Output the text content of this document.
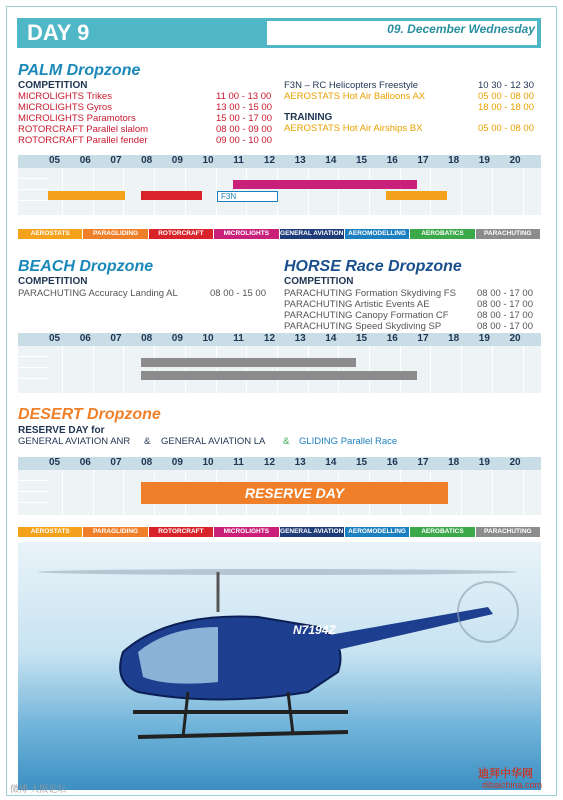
DAY 9	09. December Wednesday
PALM Dropzone
COMPETITION
MICROLIGHTS Trikes	11 00 - 13 00
MICROLIGHTS Gyros	13 00 - 15 00
MICROLIGHTS Paramotors	15 00 - 17 00
ROTORCRAFT Parallel slalom	08 00 - 09 00
ROTORCRAFT Parallel fender	09 00 - 10 00
F3N – RC Helicopters Freestyle	10 30 - 12 30
AEROSTATS Hot Air Balloons AX	05 00 - 08 00
18 00 - 18 00
TRAINING
AEROSTATS Hot Air Airships BX	05 00 - 08 00
F3N
05 06 07 08 09 10 11 12 13 14 15 16 17 18 19 20
AEROSTATS	PARAGLIDING	ROTORCRAFT	MICROLIGHTS	GENERAL AVIATION AEROMODELLING	AEROBATICS	PARACHUTING
BEACH Dropzone
COMPETITION
PARACHUTING Accuracy Landing AL	08 00 - 15 00
HORSE Race Dropzone
COMPETITION
PARACHUTING Formation Skydiving FS 08 00 - 17 00
PARACHUTING Artistic Events AE	08 00 - 17 00
PARACHUTING Canopy Formation CF	08 00 - 17 00
PARACHUTING Speed Skydiving SP	08 00 - 17 00
05 06 07 08 09 10 11 12 13 14 15 16 17 18 19 20
DESERT Dropzone
RESERVE DAY for
GENERAL AVIATION ANR & GENERAL AVIATION LA & GLIDING Parallel Race
05 06 07 08 09 10 11 12 13 14 15 16 17 18 19 20
RESERVE DAY
AEROSTATS	PARAGLIDING	ROTORCRAFT	MICROLIGHTS	GENERAL AVIATION AEROMODELLING	AEROBATICS	PARACHUTING
N7194Z
微博 大阪论坛
迪拜中华网
dibaichina.com
